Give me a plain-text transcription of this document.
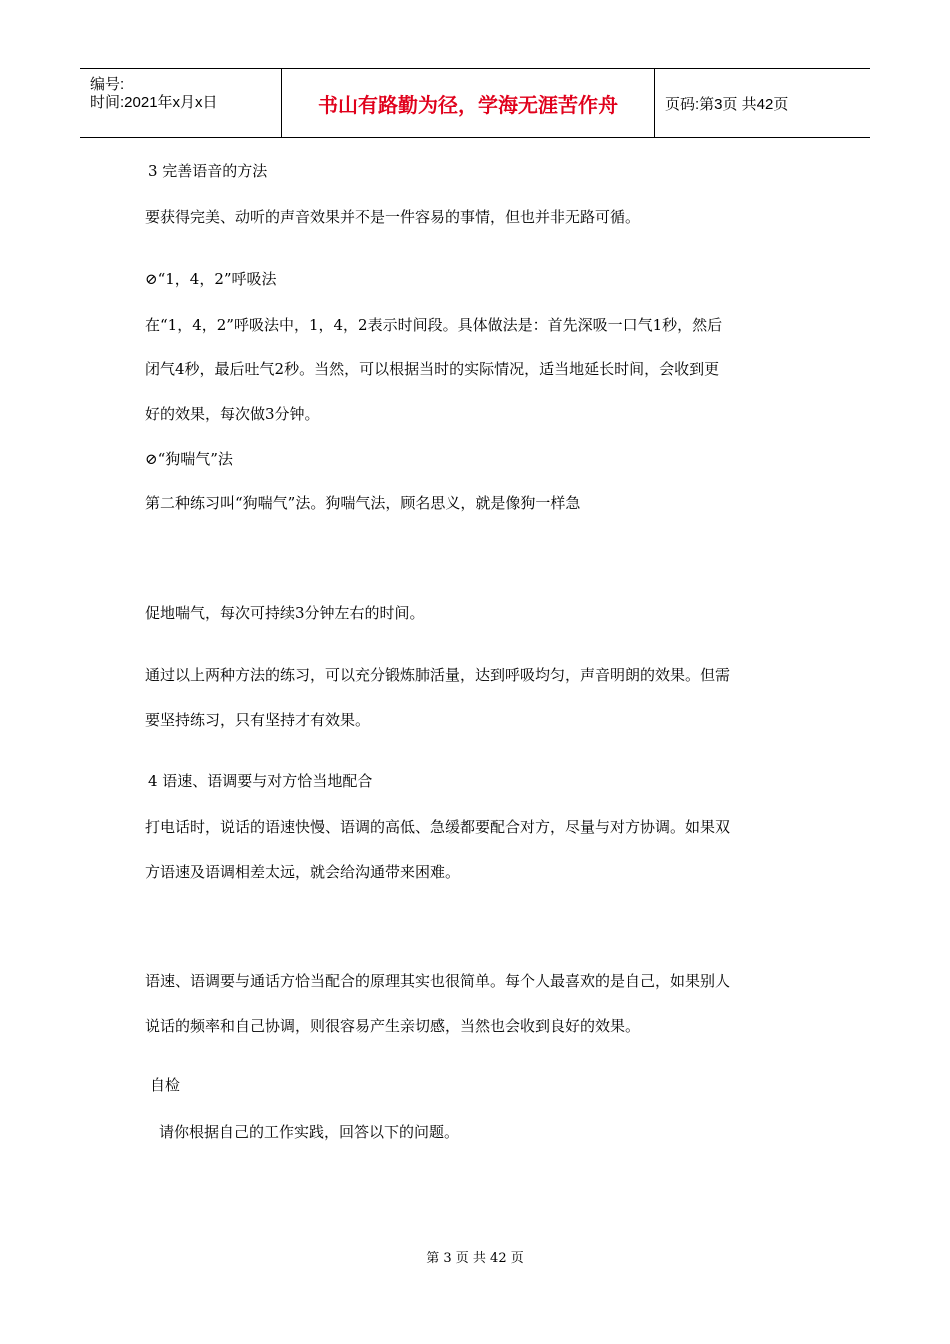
编号:
时间:2021年x月x日	书山有路勤为径，学海无涯苦作舟	页码:第3页 共42页
3 完善语音的方法
要获得完美、动听的声音效果并不是一件容易的事情，但也并非无路可循。
⊘“1，4，2”呼吸法
在“1，4，2”呼吸法中，1，4，2表示时间段。具体做法是：首先深吸一口气1秒，然后
闭气4秒，最后吐气2秒。当然，可以根据当时的实际情况，适当地延长时间，会收到更
好的效果，每次做3分钟。
⊘“狗喘气”法
第二种练习叫“狗喘气”法。狗喘气法，顾名思义，就是像狗一样急
促地喘气，每次可持续3分钟左右的时间。
通过以上两种方法的练习，可以充分锻炼肺活量，达到呼吸均匀，声音明朗的效果。但需
要坚持练习，只有坚持才有效果。
4 语速、语调要与对方恰当地配合
打电话时，说话的语速快慢、语调的高低、急缓都要配合对方，尽量与对方协调。如果双
方语速及语调相差太远，就会给沟通带来困难。
语速、语调要与通话方恰当配合的原理其实也很简单。每个人最喜欢的是自己，如果别人
说话的频率和自己协调，则很容易产生亲切感，当然也会收到良好的效果。
自检
请你根据自己的工作实践，回答以下的问题。
第 3 页 共 42 页
